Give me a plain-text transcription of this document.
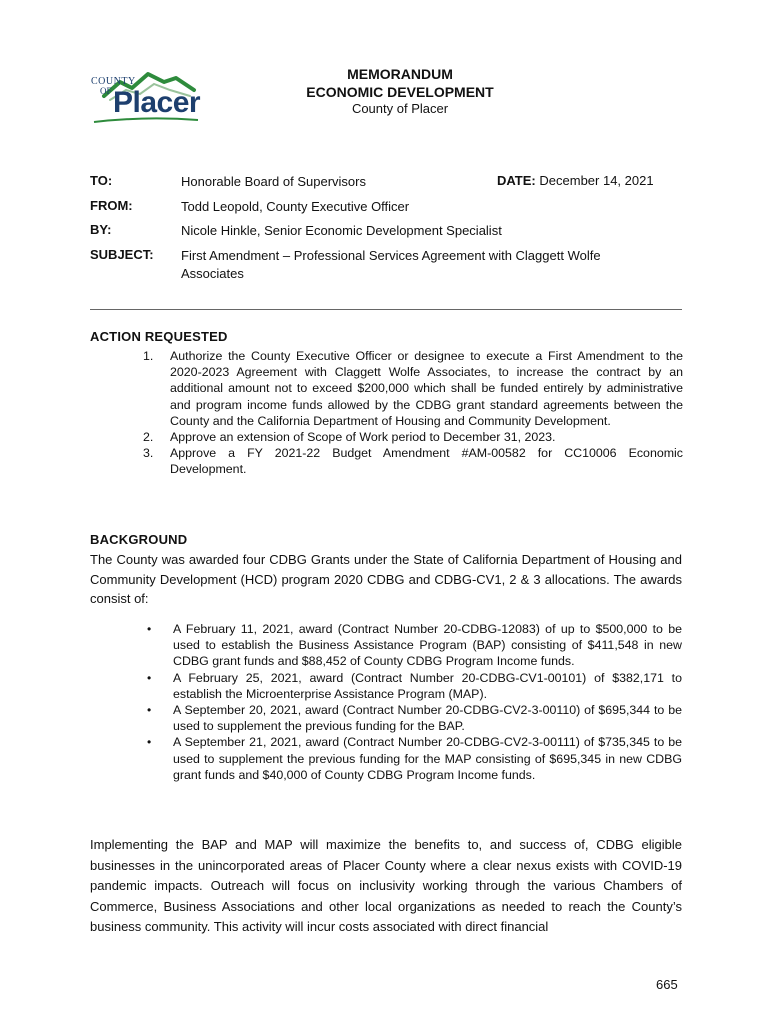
COUNTY
OF Placer
MEMORANDUM
ECONOMIC DEVELOPMENT
County of Placer
TO:	Honorable Board of Supervisors	DATE: December 14, 2021
FROM:	Todd Leopold, County Executive Officer
BY:	Nicole Hinkle, Senior Economic Development Specialist
SUBJECT: First Amendment – Professional Services Agreement with Claggett Wolfe Associates
ACTION REQUESTED
1.	Authorize the County Executive Officer or designee to execute a First Amendment to the 2020-2023 Agreement with Claggett Wolfe Associates, to increase the contract by an additional amount not to exceed $200,000 which shall be funded entirely by administrative and program income funds allowed by the CDBG grant standard agreements between the County and the California Department of Housing and Community Development.
2.	Approve an extension of Scope of Work period to December 31, 2023.
3.	Approve a FY 2021-22 Budget Amendment #AM-00582 for CC10006 Economic Development.
BACKGROUND
The County was awarded four CDBG Grants under the State of California Department of Housing and Community Development (HCD) program 2020 CDBG and CDBG-CV1, 2 & 3 allocations. The awards consist of:
•	A February 11, 2021, award (Contract Number 20-CDBG-12083) of up to $500,000 to be used to establish the Business Assistance Program (BAP) consisting of $411,548 in new CDBG grant funds and $88,452 of County CDBG Program Income funds.
•	A February 25, 2021, award (Contract Number 20-CDBG-CV1-00101) of $382,171 to establish the Microenterprise Assistance Program (MAP).
•	A September 20, 2021, award (Contract Number 20-CDBG-CV2-3-00110) of $695,344 to be used to supplement the previous funding for the BAP.
•	A September 21, 2021, award (Contract Number 20-CDBG-CV2-3-00111) of $735,345 to be used to supplement the previous funding for the MAP consisting of $695,345 in new CDBG grant funds and $40,000 of County CDBG Program Income funds.
Implementing the BAP and MAP will maximize the benefits to, and success of, CDBG eligible businesses in the unincorporated areas of Placer County where a clear nexus exists with COVID-19 pandemic impacts. Outreach will focus on inclusivity working through the various Chambers of Commerce, Business Associations and other local organizations as needed to reach the County’s business community. This activity will incur costs associated with direct financial
665
